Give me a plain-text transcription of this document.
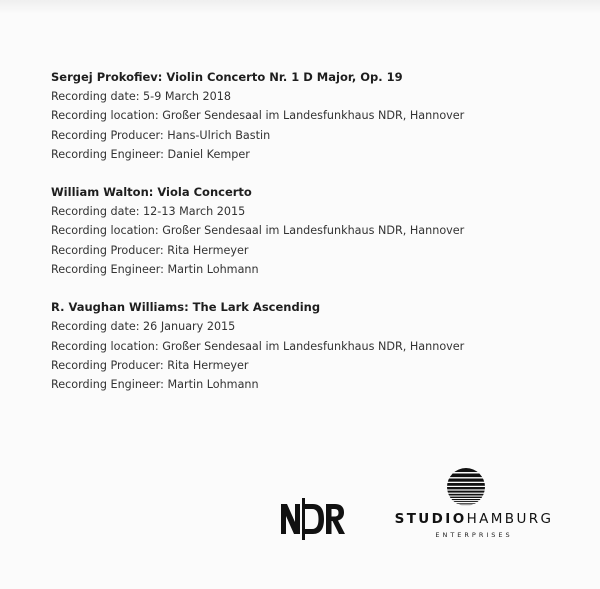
Sergej Prokofiev: Violin Concerto Nr. 1 D Major, Op. 19
Recording date: 5-9 March 2018
Recording location: Großer Sendesaal im Landesfunkhaus NDR, Hannover
Recording Producer: Hans-Ulrich Bastin
Recording Engineer: Daniel Kemper
William Walton: Viola Concerto
Recording date: 12-13 March 2015
Recording location: Großer Sendesaal im Landesfunkhaus NDR, Hannover
Recording Producer: Rita Hermeyer
Recording Engineer: Martin Lohmann
R. Vaughan Williams: The Lark Ascending
Recording date: 26 January 2015
Recording location: Großer Sendesaal im Landesfunkhaus NDR, Hannover
Recording Producer: Rita Hermeyer
Recording Engineer: Martin Lohmann
STUDIOHAMBURG
ENTERPRISES
